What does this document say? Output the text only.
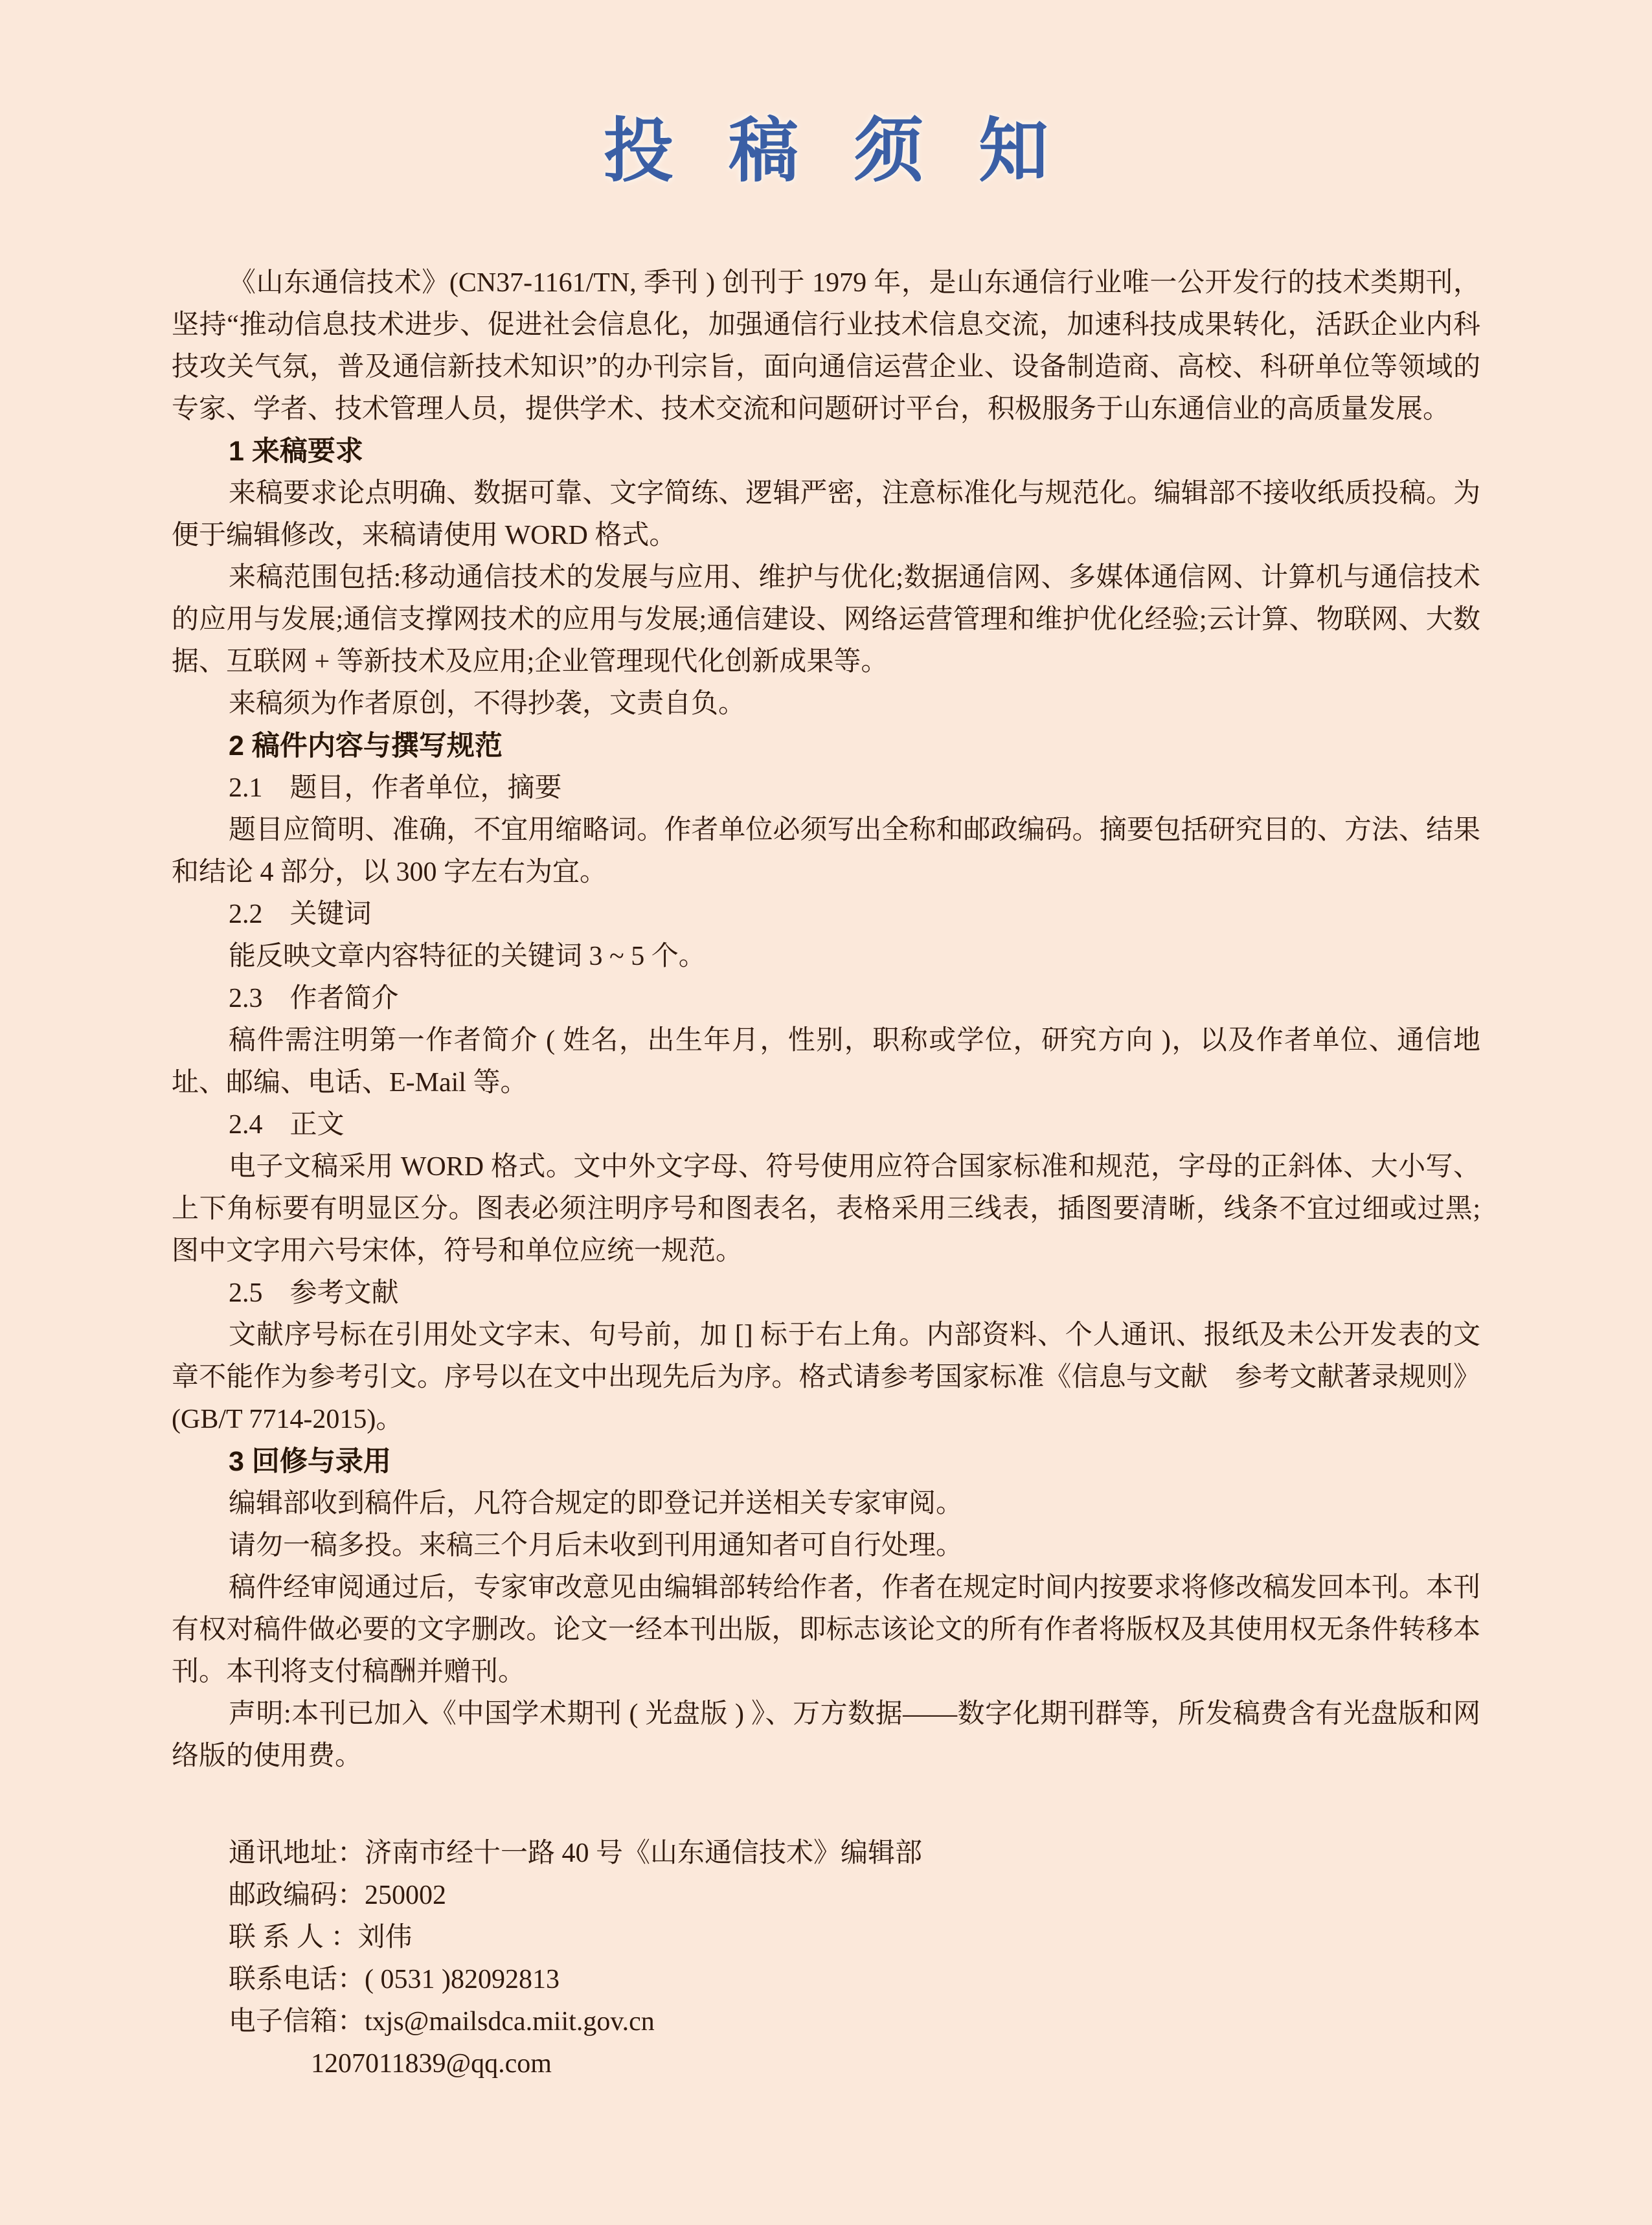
投稿须知

《山东通信技术》(CN37-1161/TN, 季刊 ) 创刊于 1979 年，是山东通信行业唯一公开发行的技术类期刊，坚持“推动信息技术进步、促进社会信息化，加强通信行业技术信息交流，加速科技成果转化，活跃企业内科技攻关气氛，普及通信新技术知识”的办刊宗旨，面向通信运营企业、设备制造商、高校、科研单位等领域的专家、学者、技术管理人员，提供学术、技术交流和问题研讨平台，积极服务于山东通信业的高质量发展。

1 来稿要求

来稿要求论点明确、数据可靠、文字简练、逻辑严密，注意标准化与规范化。编辑部不接收纸质投稿。为便于编辑修改，来稿请使用 WORD 格式。

来稿范围包括:移动通信技术的发展与应用、维护与优化;数据通信网、多媒体通信网、计算机与通信技术的应用与发展;通信支撑网技术的应用与发展;通信建设、网络运营管理和维护优化经验;云计算、物联网、大数据、互联网 + 等新技术及应用;企业管理现代化创新成果等。

来稿须为作者原创，不得抄袭，文责自负。

2 稿件内容与撰写规范

2.1　题目，作者单位，摘要

题目应简明、准确，不宜用缩略词。作者单位必须写出全称和邮政编码。摘要包括研究目的、方法、结果和结论 4 部分，以 300 字左右为宜。

2.2　关键词

能反映文章内容特征的关键词 3 ~ 5 个。

2.3　作者简介

稿件需注明第一作者简介 ( 姓名，出生年月，性别，职称或学位，研究方向 )，以及作者单位、通信地址、邮编、电话、E-Mail 等。

2.4　正文

电子文稿采用 WORD 格式。文中外文字母、符号使用应符合国家标准和规范，字母的正斜体、大小写、上下角标要有明显区分。图表必须注明序号和图表名，表格采用三线表，插图要清晰，线条不宜过细或过黑;图中文字用六号宋体，符号和单位应统一规范。

2.5　参考文献

文献序号标在引用处文字末、句号前，加 [] 标于右上角。内部资料、个人通讯、报纸及未公开发表的文章不能作为参考引文。序号以在文中出现先后为序。格式请参考国家标准《信息与文献　参考文献著录规则》(GB/T 7714-2015)。

3 回修与录用

编辑部收到稿件后，凡符合规定的即登记并送相关专家审阅。

请勿一稿多投。来稿三个月后未收到刊用通知者可自行处理。

稿件经审阅通过后，专家审改意见由编辑部转给作者，作者在规定时间内按要求将修改稿发回本刊。本刊有权对稿件做必要的文字删改。论文一经本刊出版，即标志该论文的所有作者将版权及其使用权无条件转移本刊。本刊将支付稿酬并赠刊。

声明:本刊已加入《中国学术期刊 ( 光盘版 ) 》、万方数据——数字化期刊群等，所发稿费含有光盘版和网络版的使用费。

通讯地址：济南市经十一路 40 号《山东通信技术》编辑部

邮政编码：250002

联 系 人 ：刘伟

联系电话：( 0531 )82092813

电子信箱：txjs@mailsdca.miit.gov.cn

1207011839@qq.com
